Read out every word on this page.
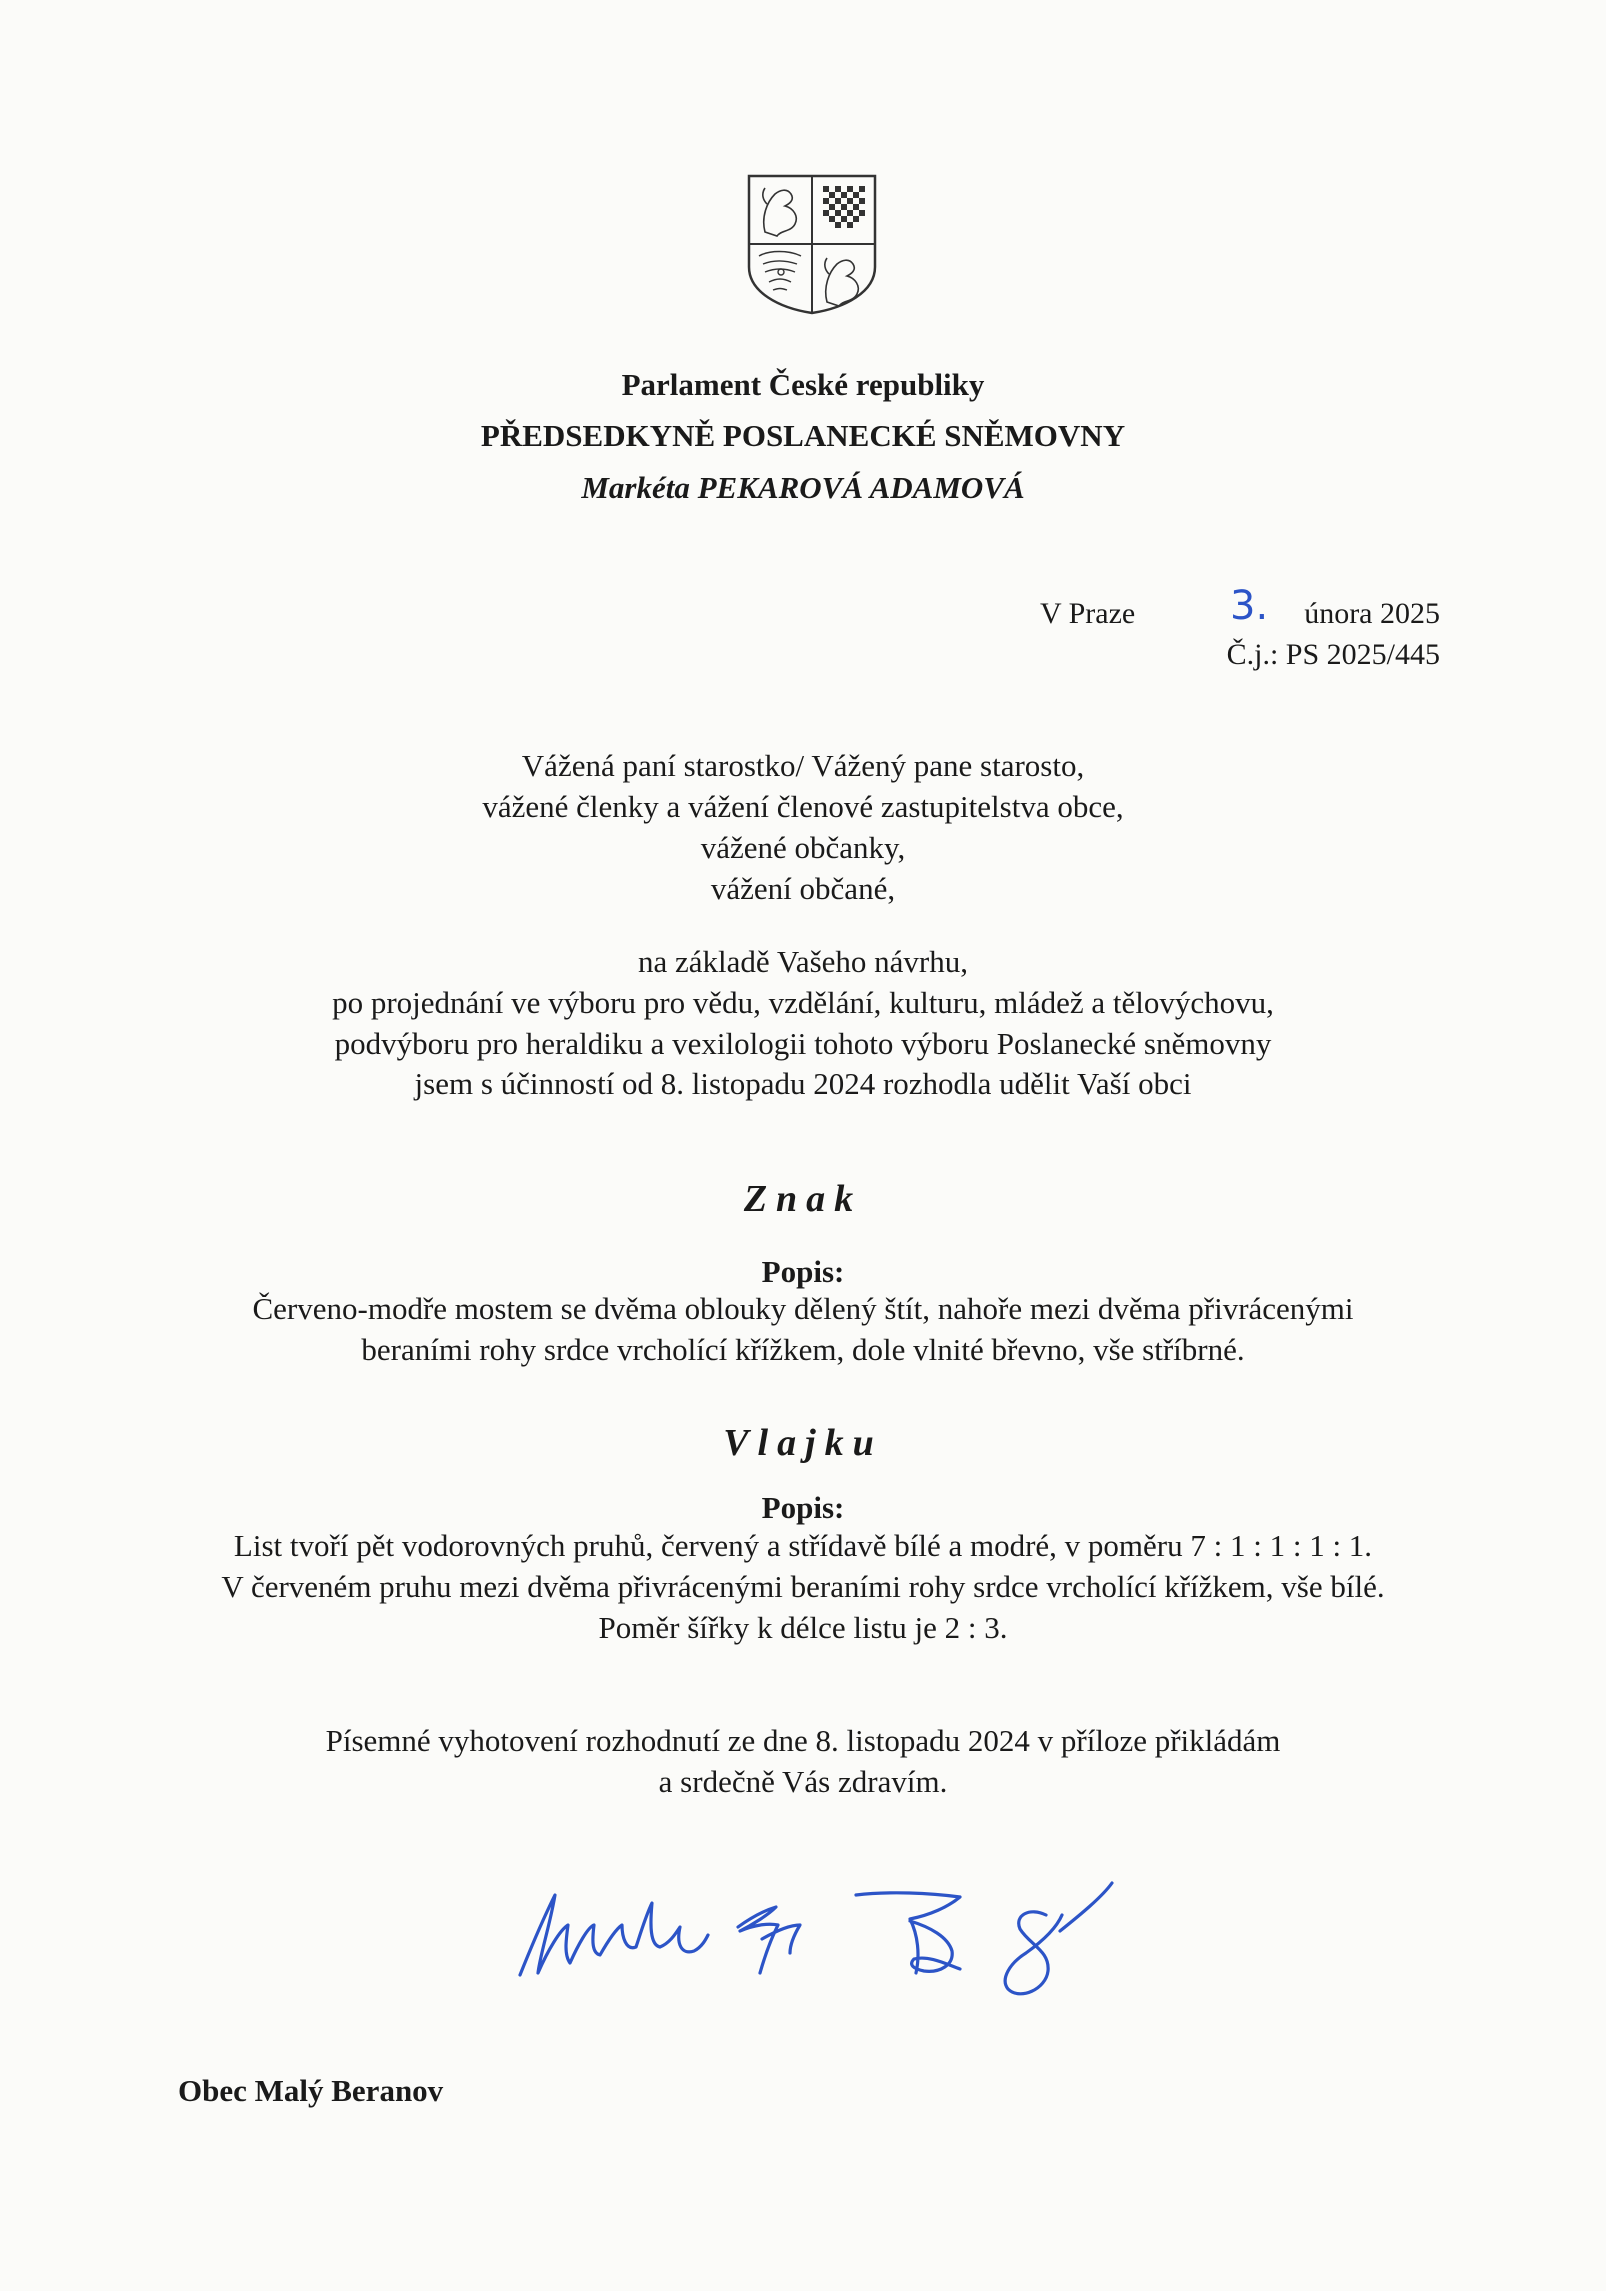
Parlament České republiky
PŘEDSEDKYNĚ POSLANECKÉ SNĚMOVNY
Markéta PEKAROVÁ ADAMOVÁ
V Praze 3.	února 2025
Č.j.: PS 2025/445
Vážená paní starostko/ Vážený pane starosto,
vážené členky a vážení členové zastupitelstva obce,
vážené občanky,
vážení občané,
na základě Vašeho návrhu,
po projednání ve výboru pro vědu, vzdělání, kulturu, mládež a tělovýchovu,
podvýboru pro heraldiku a vexilologii tohoto výboru Poslanecké sněmovny
jsem s účinností od 8. listopadu 2024 rozhodla udělit Vaší obci
Znak
Popis:
Červeno-modře mostem se dvěma oblouky dělený štít, nahoře mezi dvěma přivrácenými
beraními rohy srdce vrcholící křížkem, dole vlnité břevno, vše stříbrné.
Vlajku
Popis:
List tvoří pět vodorovných pruhů, červený a střídavě bílé a modré, v poměru 7 : 1 : 1 : 1 : 1.
V červeném pruhu mezi dvěma přivrácenými beraními rohy srdce vrcholící křížkem, vše bílé.
Poměr šířky k délce listu je 2 : 3.
Písemné vyhotovení rozhodnutí ze dne 8. listopadu 2024 v příloze přikládám
a srdečně Vás zdravím.
Obec Malý Beranov
